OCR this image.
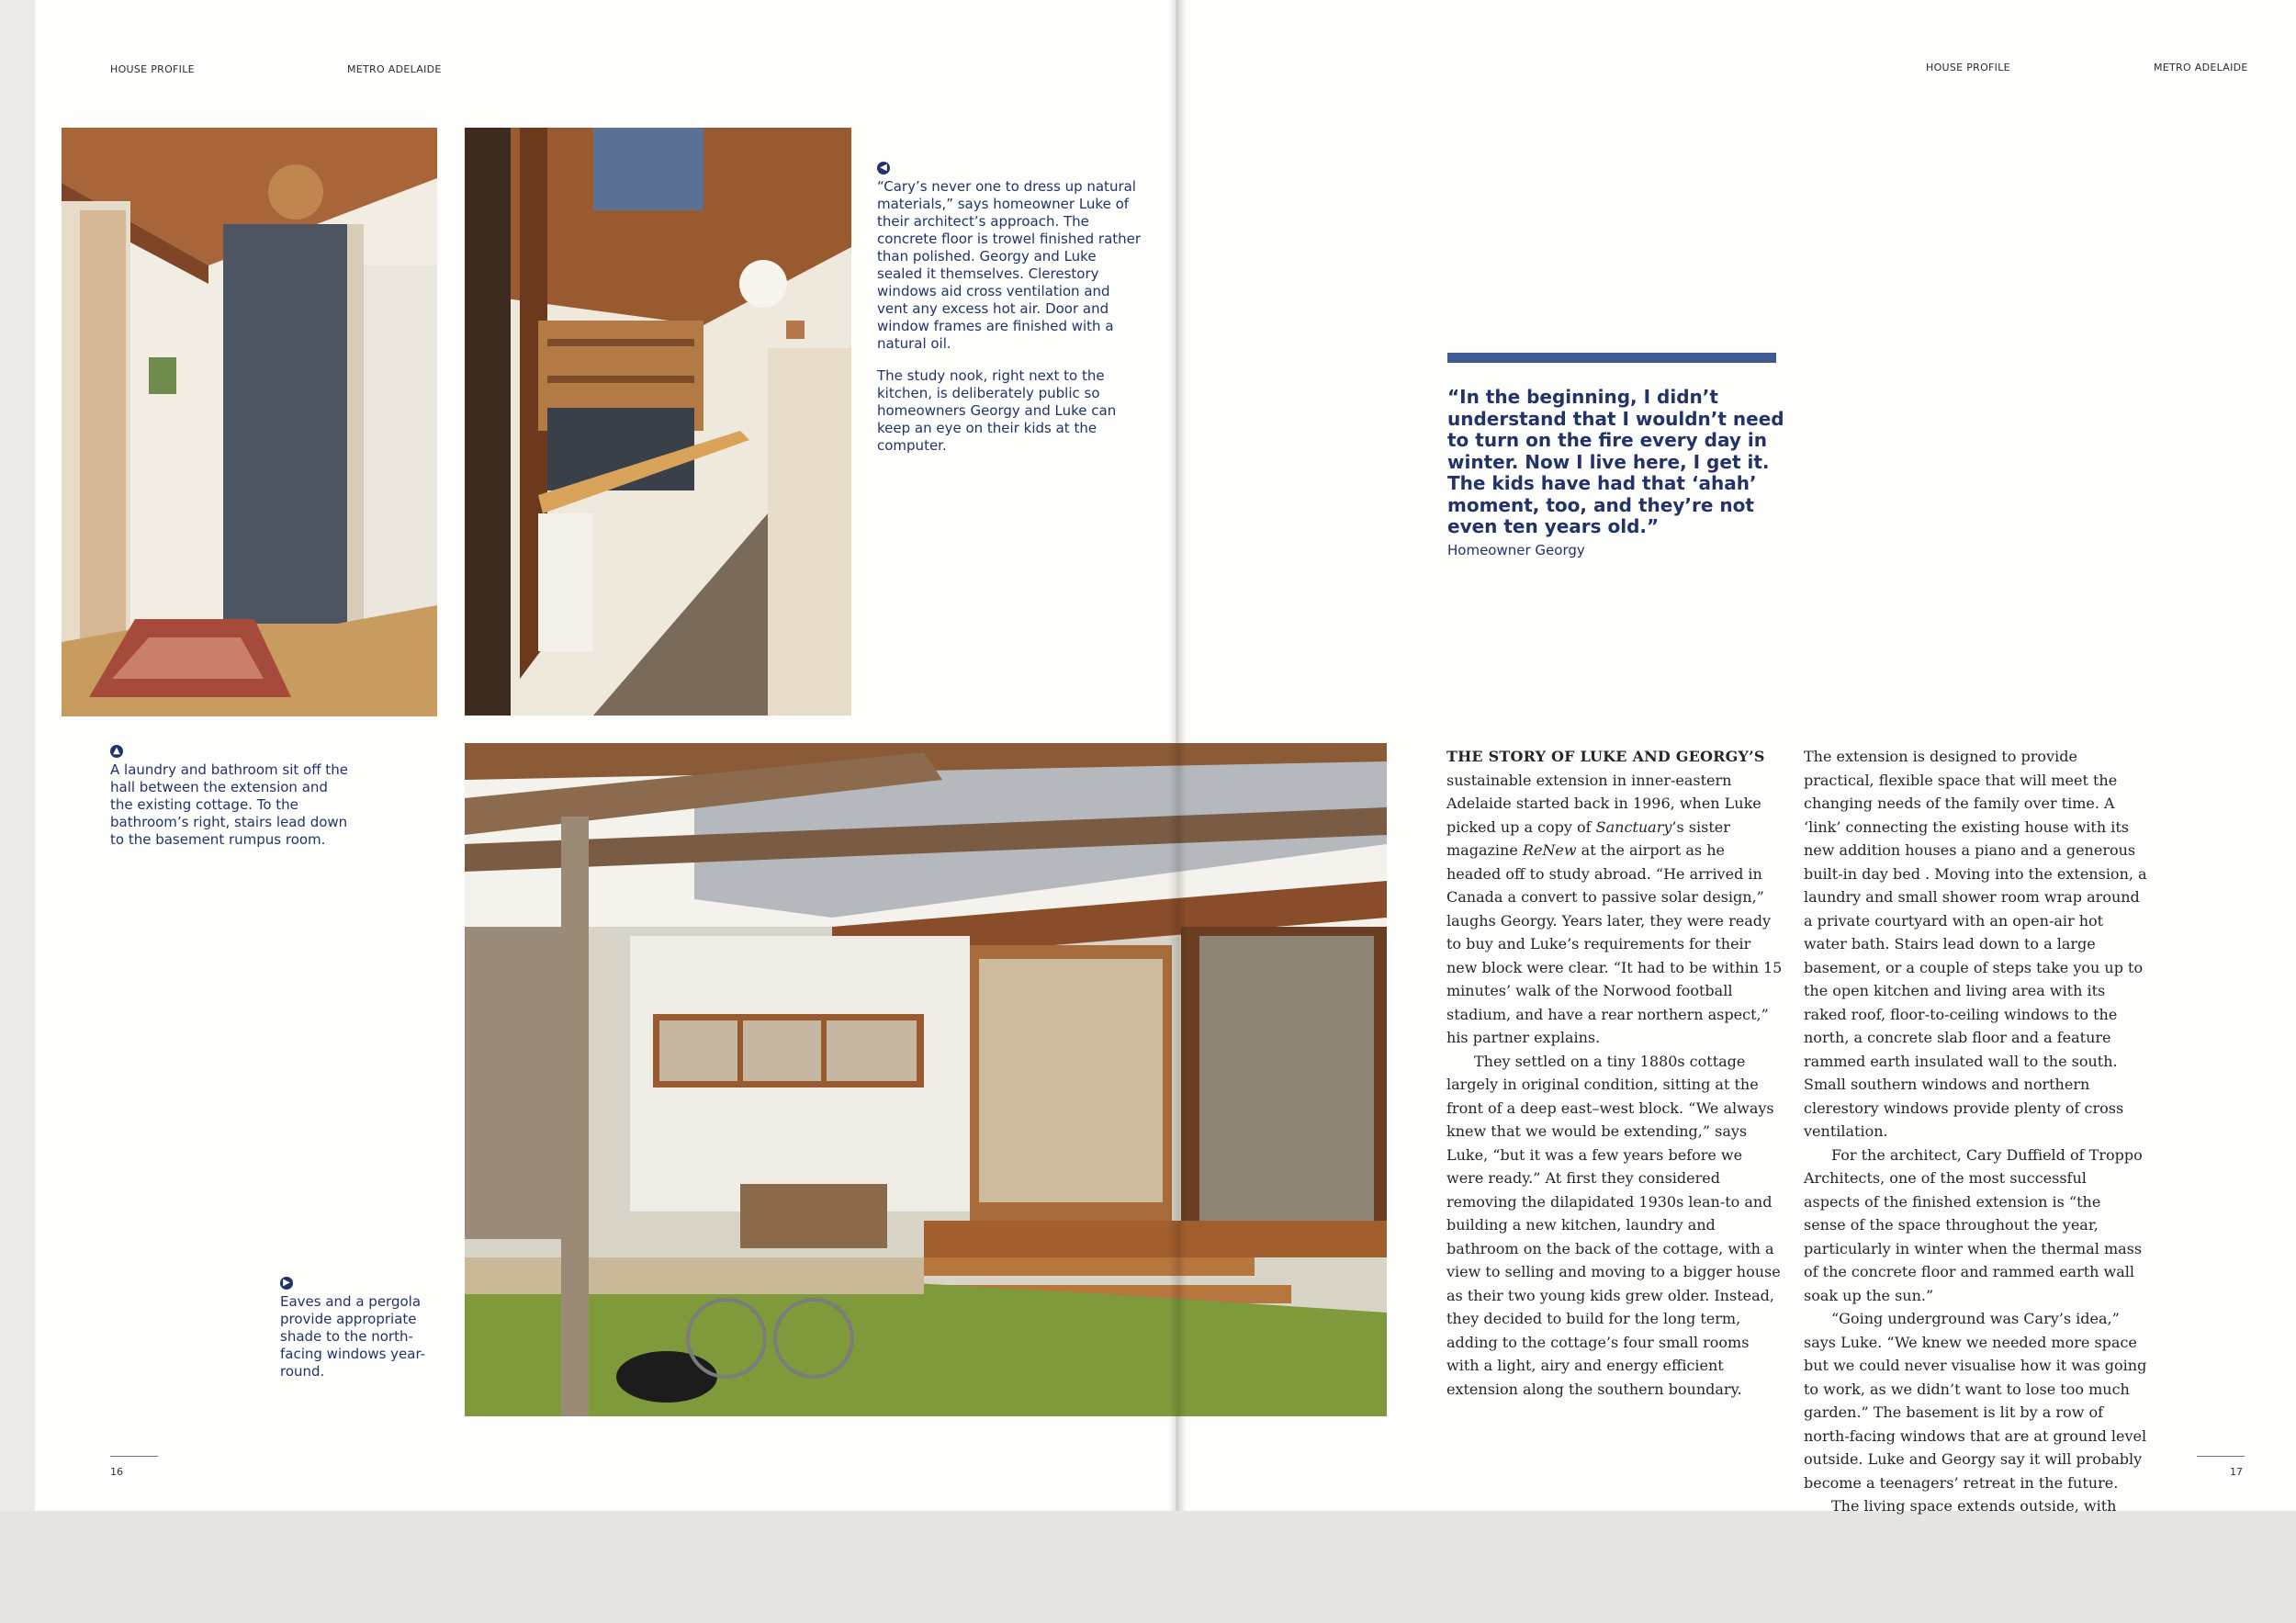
HOUSE PROFILE	METRO ADELAIDE	HOUSE PROFILE	METRO ADELAIDE
◀

“Cary’s never one to dress up natural materials,” says homeowner Luke of their architect’s approach. The concrete floor is trowel finished rather than polished. Georgy and Luke sealed it themselves. Clerestory windows aid cross ventilation and vent any excess hot air. Door and window frames are finished with a natural oil.

The study nook, right next to the kitchen, is deliberately public so homeowners Georgy and Luke can keep an eye on their kids at the computer.

▲

A laundry and bathroom sit off the hall between the extension and the existing cottage. To the bathroom’s right, stairs lead down to the basement rumpus room.

▶

Eaves and a pergola provide appropriate shade to the north-facing windows year-round.

“In the beginning, I didn’t understand that I wouldn’t need to turn on the fire every day in winter. Now I live here, I get it. The kids have had that ‘ahah’ moment, too, and they’re not even ten years old.”

Homeowner Georgy

THE STORY OF LUKE AND GEORGY’S sustainable extension in inner-eastern Adelaide started back in 1996, when Luke picked up a copy of Sanctuary’s sister magazine ReNew at the airport as he headed off to study abroad. “He arrived in Canada a convert to passive solar design,” laughs Georgy. Years later, they were ready to buy and Luke’s requirements for their new block were clear. “It had to be within 15 minutes’ walk of the Norwood football stadium, and have a rear northern aspect,” his partner explains.

They settled on a tiny 1880s cottage largely in original condition, sitting at the front of a deep east–west block. “We always knew that we would be extending,” says Luke, “but it was a few years before we were ready.” At first they considered removing the dilapidated 1930s lean-to and building a new kitchen, laundry and bathroom on the back of the cottage, with a view to selling and moving to a bigger house as their two young kids grew older. Instead, they decided to build for the long term, adding to the cottage’s four small rooms with a light, airy and energy efficient extension along the southern boundary.

The extension is designed to provide practical, flexible space that will meet the changing needs of the family over time. A ‘link’ connecting the existing house with its new addition houses a piano and a generous built-in day bed . Moving into the extension, a laundry and small shower room wrap around a private courtyard with an open-air hot water bath. Stairs lead down to a large basement, or a couple of steps take you up to the open kitchen and living area with its raked roof, floor-to-ceiling windows to the north, a concrete slab floor and a feature rammed earth insulated wall to the south. Small southern windows and northern clerestory windows provide plenty of cross ventilation.

For the architect, Cary Duffield of Troppo Architects, one of the most successful aspects of the finished extension is “the sense of the space throughout the year, particularly in winter when the thermal mass of the concrete floor and rammed earth wall soak up the sun.”

“Going underground was Cary’s idea,” says Luke. “We knew we needed more space but we could never visualise how it was going to work, as we didn’t want to lose too much garden.” The basement is lit by a row of north-facing windows that are at ground level outside. Luke and Georgy say it will probably become a teenagers’ retreat in the future.

The living space extends outside, with

16	17
